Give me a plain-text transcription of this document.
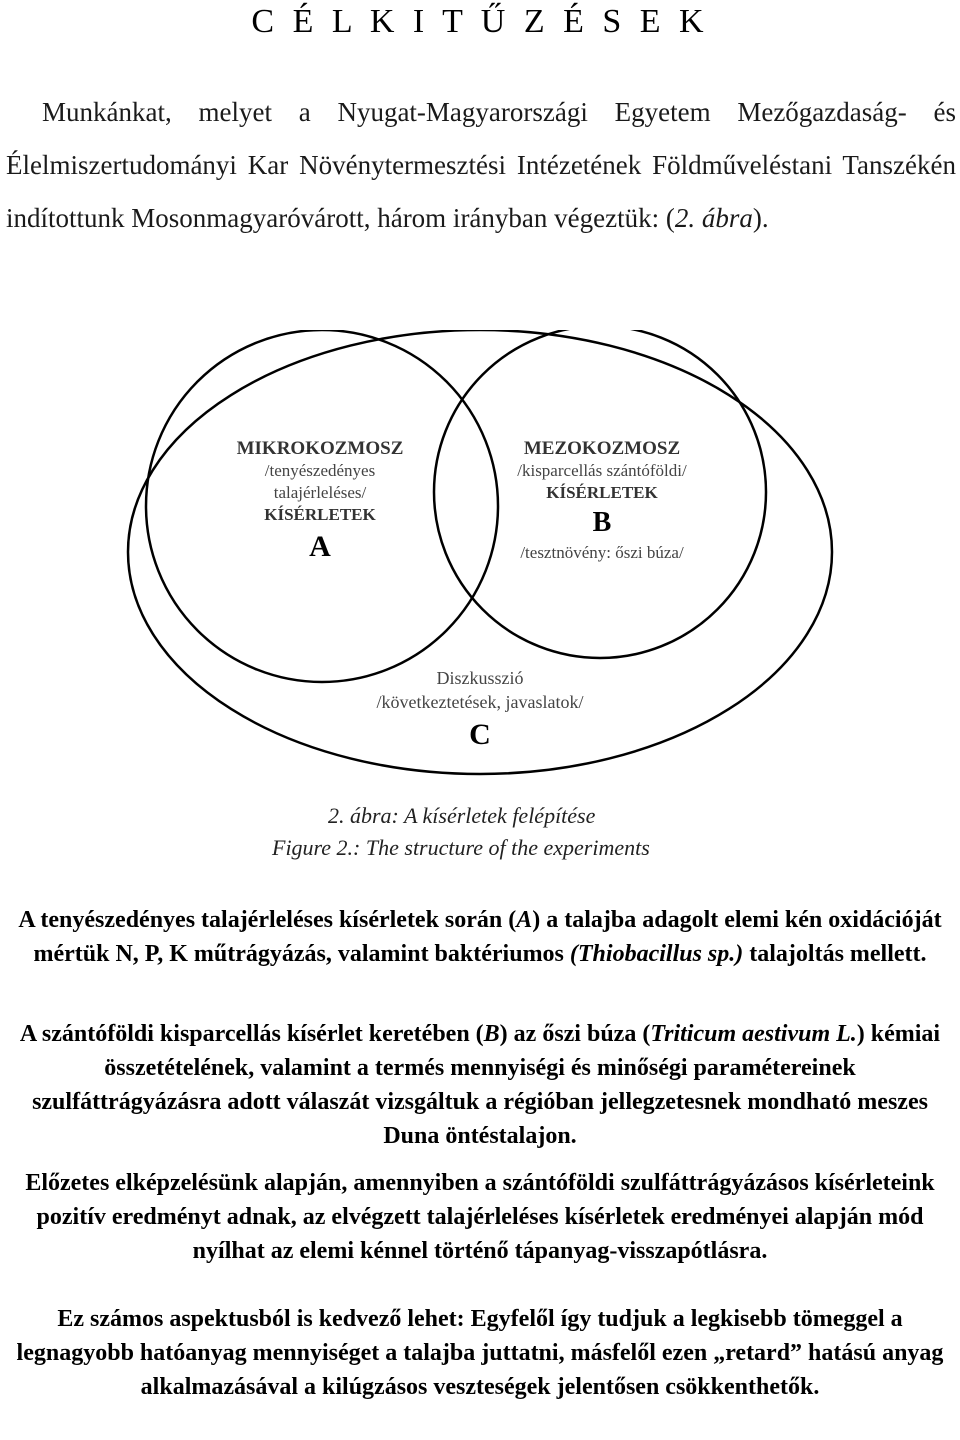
C É L K I T Ű Z É S E K

Munkánkat, melyet a Nyugat-Magyarországi Egyetem Mezőgazdaság- és Élelmiszertudományi Kar Növénytermesztési Intézetének Földműveléstani Tanszékén indítottunk Mosonmagyaróvárott, három irányban végeztük: (2. ábra).

MIKROKOZMOSZ
/tenyészedényes
talajérleléses/
KÍSÉRLETEK
A
MEZOKOZMOSZ
/kisparcellás szántóföldi/
KÍSÉRLETEK
B
/tesztnövény: őszi búza/
Diszkusszió
/következtetések, javaslatok/
C
2. ábra: A kísérletek felépítése
Figure 2.: The structure of the experiments
A tenyészedényes talajérleléses kísérletek során (A) a talajba adagolt elemi kén oxidációját mértük N, P, K műtrágyázás, valamint baktériumos (Thiobacillus sp.) talajoltás mellett.
A szántóföldi kisparcellás kísérlet keretében (B) az őszi búza (Triticum aestivum L.) kémiai összetételének, valamint a termés mennyiségi és minőségi paramétereinek szulfáttrágyázásra adott válaszát vizsgáltuk a régióban jellegzetesnek mondható meszes Duna öntéstalajon.
Előzetes elképzelésünk alapján, amennyiben a szántóföldi szulfáttrágyázásos kísérleteink pozitív eredményt adnak, az elvégzett talajérleléses kísérletek eredményei alapján mód nyílhat az elemi kénnel történő tápanyag-visszapótlásra.
Ez számos aspektusból is kedvező lehet: Egyfelől így tudjuk a legkisebb tömeggel a legnagyobb hatóanyag mennyiséget a talajba juttatni, másfelől ezen „retard” hatású anyag alkalmazásával a kilúgzásos veszteségek jelentősen csökkenthetők.
